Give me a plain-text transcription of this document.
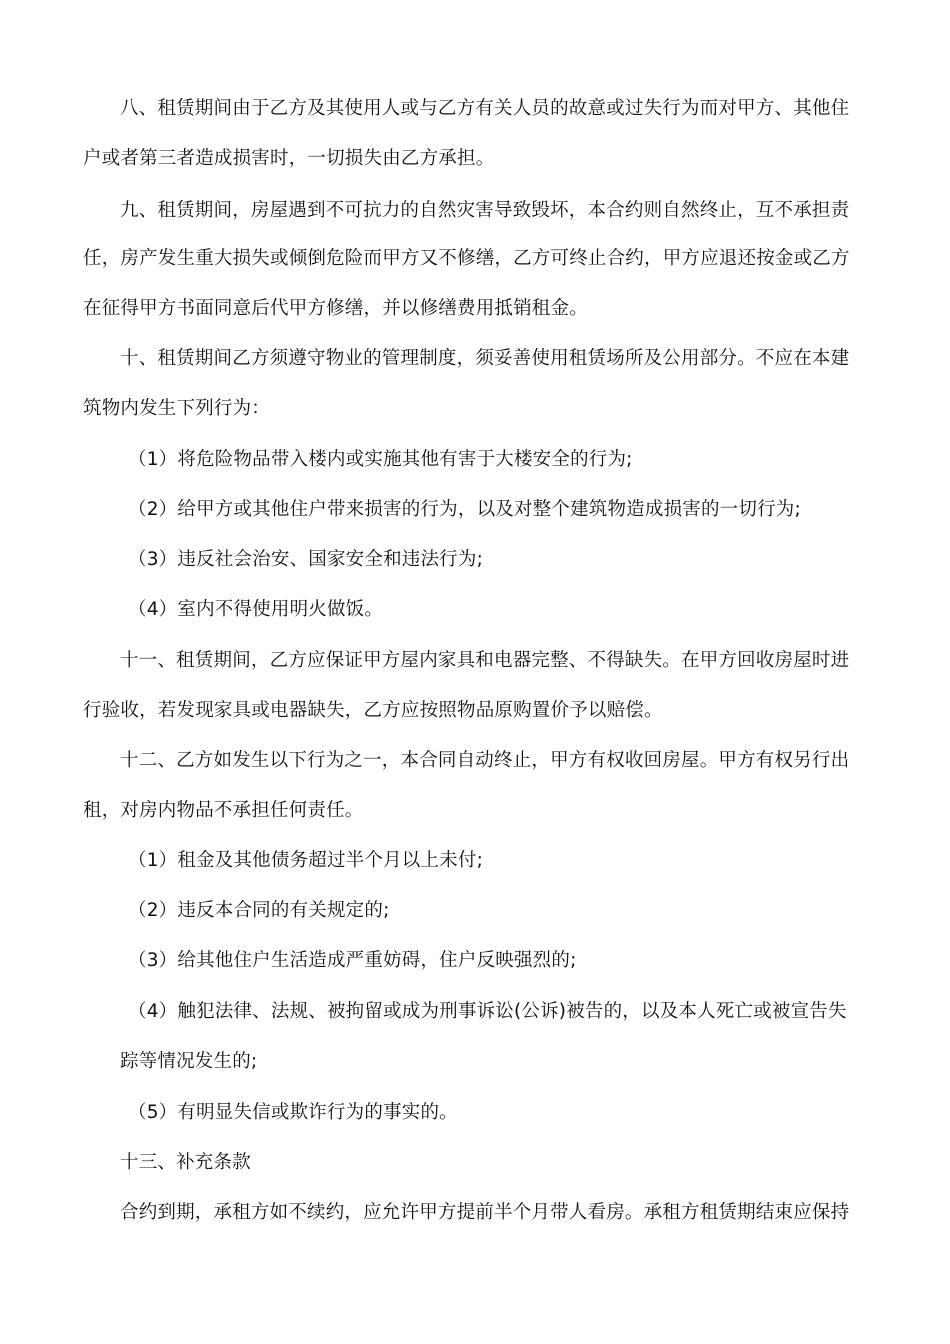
八、租赁期间由于乙方及其使用人或与乙方有关人员的故意或过失行为而对甲方、其他住
户或者第三者造成损害时，一切损失由乙方承担。
九、租赁期间，房屋遇到不可抗力的自然灾害导致毁坏，本合约则自然终止，互不承担责
任，房产发生重大损失或倾倒危险而甲方又不修缮，乙方可终止合约，甲方应退还按金或乙方
在征得甲方书面同意后代甲方修缮，并以修缮费用抵销租金。
十、租赁期间乙方须遵守物业的管理制度，须妥善使用租赁场所及公用部分。不应在本建
筑物内发生下列行为：
（1）将危险物品带入楼内或实施其他有害于大楼安全的行为;
（2）给甲方或其他住户带来损害的行为，以及对整个建筑物造成损害的一切行为;
（3）违反社会治安、国家安全和违法行为;
（4）室内不得使用明火做饭。
十一、租赁期间，乙方应保证甲方屋内家具和电器完整、不得缺失。在甲方回收房屋时进
行验收，若发现家具或电器缺失，乙方应按照物品原购置价予以赔偿。
十二、乙方如发生以下行为之一，本合同自动终止，甲方有权收回房屋。甲方有权另行出
租，对房内物品不承担任何责任。
（1）租金及其他债务超过半个月以上未付;
（2）违反本合同的有关规定的;
（3）给其他住户生活造成严重妨碍，住户反映强烈的;
（4）触犯法律、法规、被拘留或成为刑事诉讼(公诉)被告的，以及本人死亡或被宣告失
踪等情况发生的;
（5）有明显失信或欺诈行为的事实的。
十三、补充条款
合约到期，承租方如不续约，应允许甲方提前半个月带人看房。承租方租赁期结束应保持
